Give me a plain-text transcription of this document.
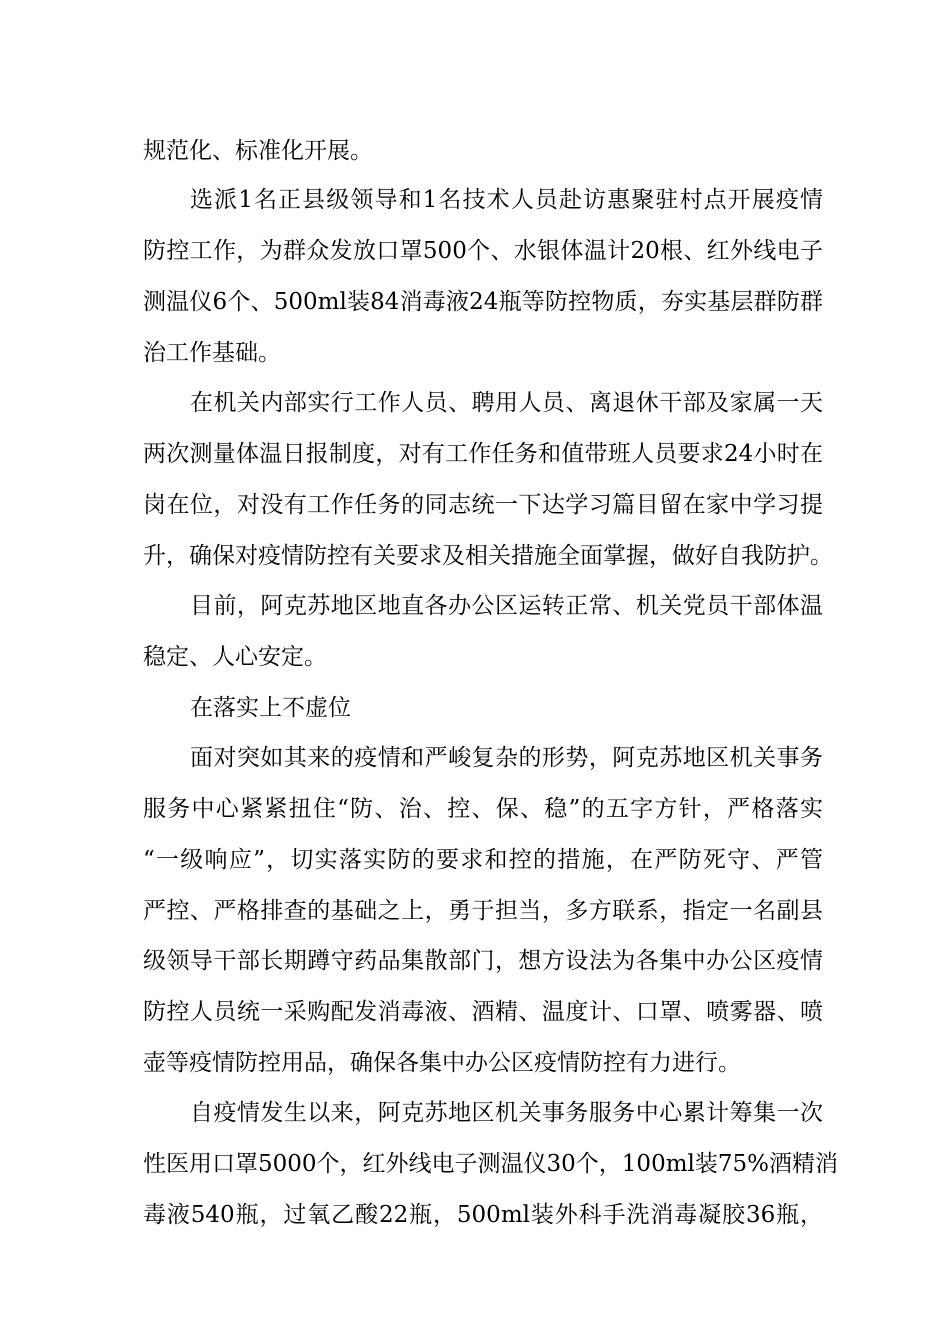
规范化、标准化开展。
选派1名正县级领导和1名技术人员赴访惠聚驻村点开展疫情
防控工作，为群众发放口罩500个、水银体温计20根、红外线电子
测温仪6个、500ml装84消毒液24瓶等防控物质，夯实基层群防群
治工作基础。
在机关内部实行工作人员、聘用人员、离退休干部及家属一天
两次测量体温日报制度，对有工作任务和值带班人员要求24小时在
岗在位，对没有工作任务的同志统一下达学习篇目留在家中学习提
升，确保对疫情防控有关要求及相关措施全面掌握，做好自我防护。
目前，阿克苏地区地直各办公区运转正常、机关党员干部体温
稳定、人心安定。
在落实上不虚位
面对突如其来的疫情和严峻复杂的形势，阿克苏地区机关事务
服务中心紧紧扭住“防、治、控、保、稳”的五字方针，严格落实
“一级响应”，切实落实防的要求和控的措施，在严防死守、严管
严控、严格排查的基础之上，勇于担当，多方联系，指定一名副县
级领导干部长期蹲守药品集散部门，想方设法为各集中办公区疫情
防控人员统一采购配发消毒液、酒精、温度计、口罩、喷雾器、喷
壶等疫情防控用品，确保各集中办公区疫情防控有力进行。
自疫情发生以来，阿克苏地区机关事务服务中心累计筹集一次
性医用口罩5000个，红外线电子测温仪30个，100ml装75%酒精消
毒液540瓶，过氧乙酸22瓶，500ml装外科手洗消毒凝胶36瓶，
